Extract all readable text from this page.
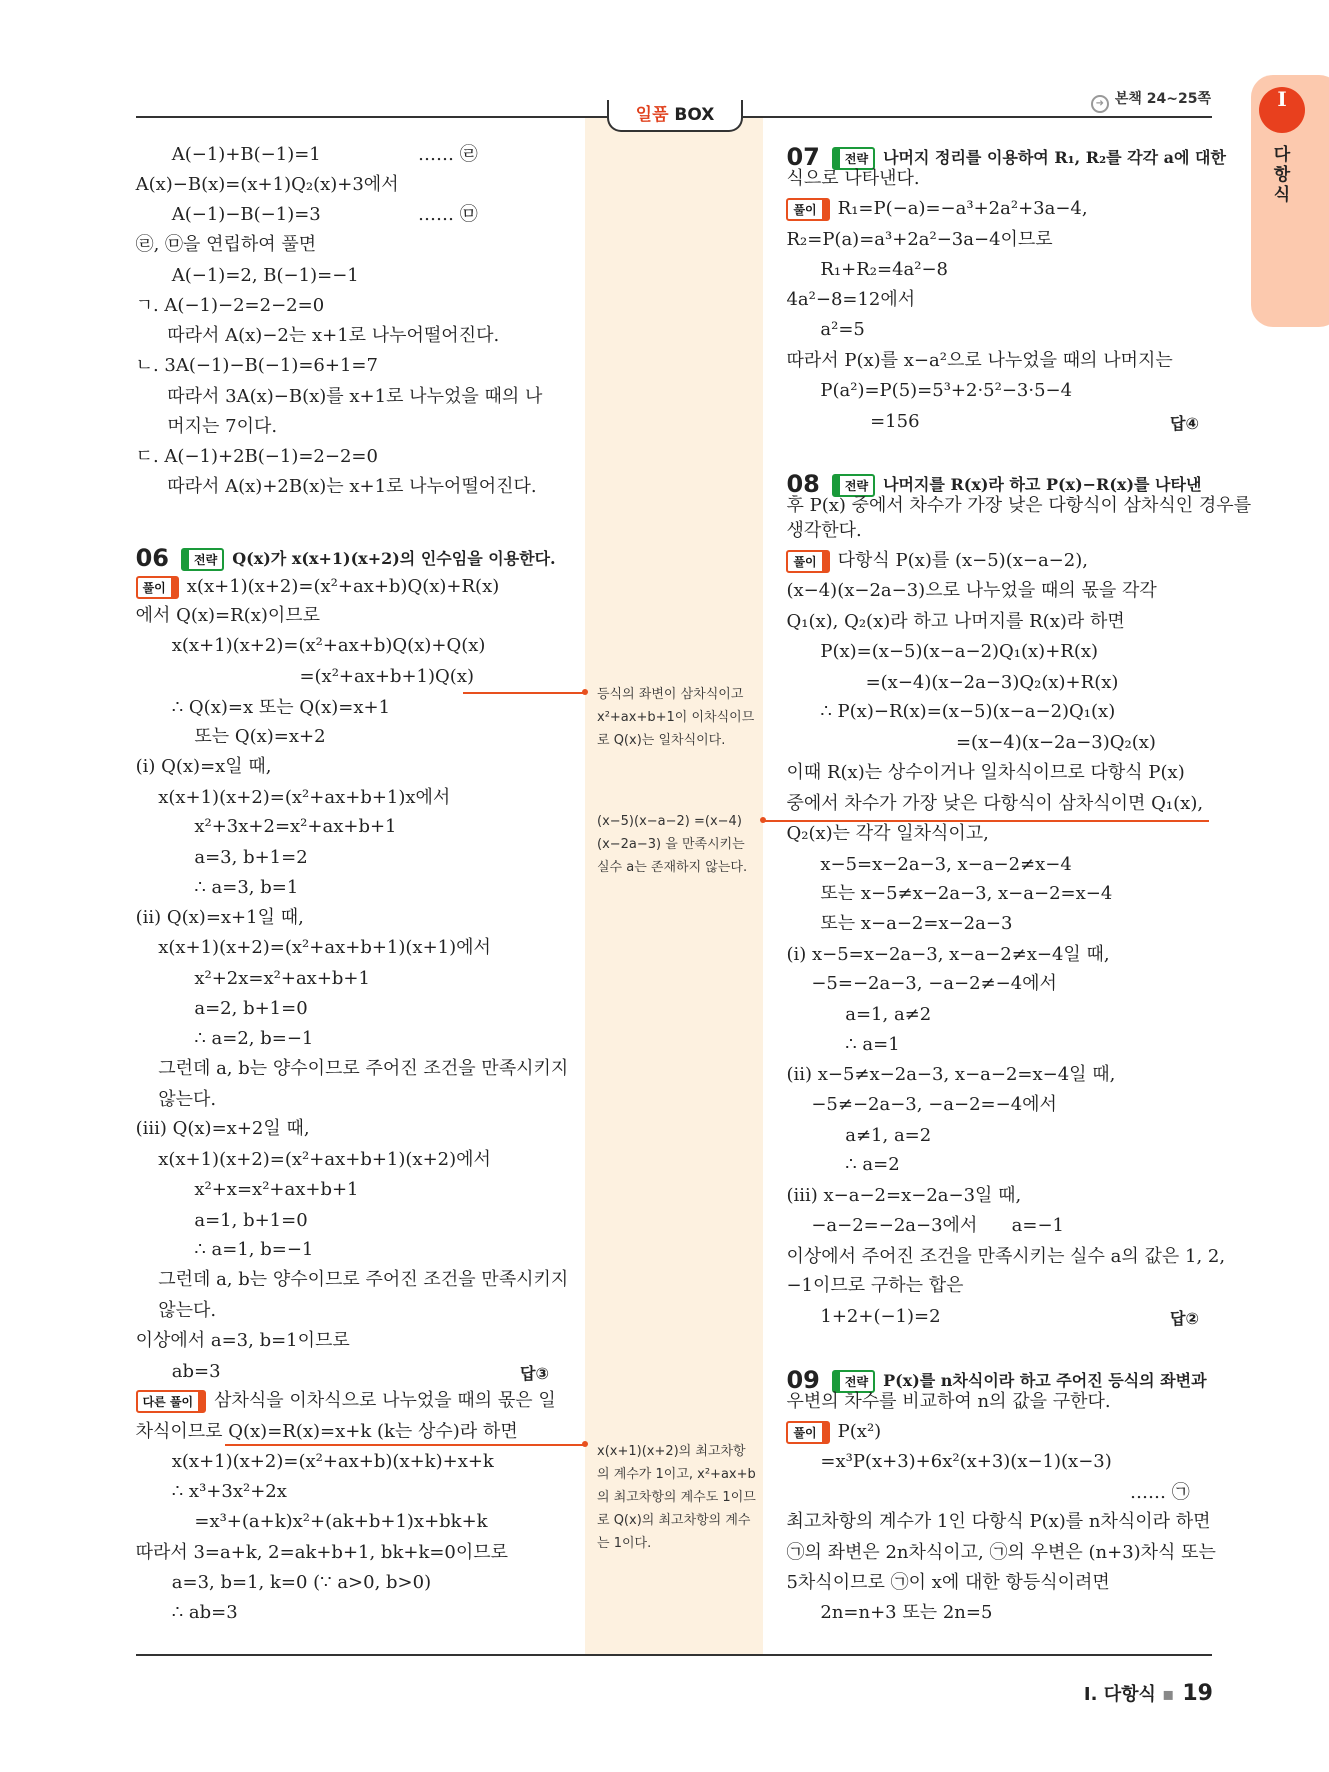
일품 BOX
➜ 본책 24~25쪽	Ⅰ
다항식
A(−1)+B(−1)=1                 …… ㉣
A(x)−B(x)=(x+1)Q₂(x)+3에서
A(−1)−B(−1)=3                 …… ㉤
㉣, ㉤을 연립하여 풀면
A(−1)=2, B(−1)=−1
ㄱ. A(−1)−2=2−2=0
따라서 A(x)−2는 x+1로 나누어떨어진다.
ㄴ. 3A(−1)−B(−1)=6+1=7
따라서 3A(x)−B(x)를 x+1로 나누었을 때의 나
머지는 7이다.
ㄷ. A(−1)+2B(−1)=2−2=0
따라서 A(x)+2B(x)는 x+1로 나누어떨어진다.
06 전략 Q(x)가 x(x+1)(x+2)의 인수임을 이용한다.
풀이 x(x+1)(x+2)=(x²+ax+b)Q(x)+R(x)
에서 Q(x)=R(x)이므로
x(x+1)(x+2)=(x²+ax+b)Q(x)+Q(x)
=(x²+ax+b+1)Q(x)
∴ Q(x)=x 또는 Q(x)=x+1
또는 Q(x)=x+2
(ⅰ) Q(x)=x일 때,
x(x+1)(x+2)=(x²+ax+b+1)x에서
x²+3x+2=x²+ax+b+1
a=3, b+1=2
∴ a=3, b=1
(ⅱ) Q(x)=x+1일 때,
x(x+1)(x+2)=(x²+ax+b+1)(x+1)에서
x²+2x=x²+ax+b+1
a=2, b+1=0
∴ a=2, b=−1
그런데 a, b는 양수이므로 주어진 조건을 만족시키지
않는다.
(ⅲ) Q(x)=x+2일 때,
x(x+1)(x+2)=(x²+ax+b+1)(x+2)에서
x²+x=x²+ax+b+1
a=1, b+1=0
∴ a=1, b=−1
그런데 a, b는 양수이므로 주어진 조건을 만족시키지
않는다.
이상에서 a=3, b=1이므로
ab=3
다른 풀이 삼차식을 이차식으로 나누었을 때의 몫은 일
차식이므로 Q(x)=R(x)=x+k (k는 상수)라 하면
x(x+1)(x+2)=(x²+ax+b)(x+k)+x+k
∴ x³+3x²+2x
=x³+(a+k)x²+(ak+b+1)x+bk+k
따라서 3=a+k, 2=ak+b+1, bk+k=0이므로
a=3, b=1, k=0 (∵ a>0, b>0)
∴ ab=3
07 전략 나머지 정리를 이용하여 R₁, R₂를 각각 a에 대한
식으로 나타낸다.
풀이 R₁=P(−a)=−a³+2a²+3a−4,
R₂=P(a)=a³+2a²−3a−4이므로
R₁+R₂=4a²−8
4a²−8=12에서
a²=5
따라서 P(x)를 x−a²으로 나누었을 때의 나머지는
P(a²)=P(5)=5³+2·5²−3·5−4
=156
08 전략 나머지를 R(x)라 하고 P(x)−R(x)를 나타낸
후 P(x) 중에서 차수가 가장 낮은 다항식이 삼차식인 경우를
생각한다.
풀이 다항식 P(x)를 (x−5)(x−a−2),
(x−4)(x−2a−3)으로 나누었을 때의 몫을 각각
Q₁(x), Q₂(x)라 하고 나머지를 R(x)라 하면
P(x)=(x−5)(x−a−2)Q₁(x)+R(x)
=(x−4)(x−2a−3)Q₂(x)+R(x)
∴ P(x)−R(x)=(x−5)(x−a−2)Q₁(x)
=(x−4)(x−2a−3)Q₂(x)
이때 R(x)는 상수이거나 일차식이므로 다항식 P(x)
중에서 차수가 가장 낮은 다항식이 삼차식이면 Q₁(x),
Q₂(x)는 각각 일차식이고,
x−5=x−2a−3, x−a−2≠x−4
또는 x−5≠x−2a−3, x−a−2=x−4
또는 x−a−2=x−2a−3
(ⅰ) x−5=x−2a−3, x−a−2≠x−4일 때,
−5=−2a−3, −a−2≠−4에서
a=1, a≠2
∴ a=1
(ⅱ) x−5≠x−2a−3, x−a−2=x−4일 때,
−5≠−2a−3, −a−2=−4에서
a≠1, a=2
∴ a=2
(ⅲ) x−a−2=x−2a−3일 때,
−a−2=−2a−3에서      a=−1
이상에서 주어진 조건을 만족시키는 실수 a의 값은 1, 2,
−1이므로 구하는 합은
1+2+(−1)=2
09 전략 P(x)를 n차식이라 하고 주어진 등식의 좌변과
우변의 차수를 비교하여 n의 값을 구한다.
풀이 P(x²)
=x³P(x+3)+6x²(x+3)(x−1)(x−3)
…… ㉠
최고차항의 계수가 1인 다항식 P(x)를 n차식이라 하면
㉠의 좌변은 2n차식이고, ㉠의 우변은 (n+3)차식 또는
5차식이므로 ㉠이 x에 대한 항등식이려면
2n=n+3 또는 2n=5
등식의 좌변이 삼차식이고 x²+ax+b+1이 이차식이므로 Q(x)는 일차식이다.
(x−5)(x−a−2) =(x−4)(x−2a−3) 을 만족시키는 실수 a는 존재하지 않는다.
x(x+1)(x+2)의 최고차항의 계수가 1이고, x²+ax+b의 최고차항의 계수도 1이므로 Q(x)의 최고차항의 계수는 1이다.
Ⅰ. 다항식 ▪ 19
답③
답④
답②
